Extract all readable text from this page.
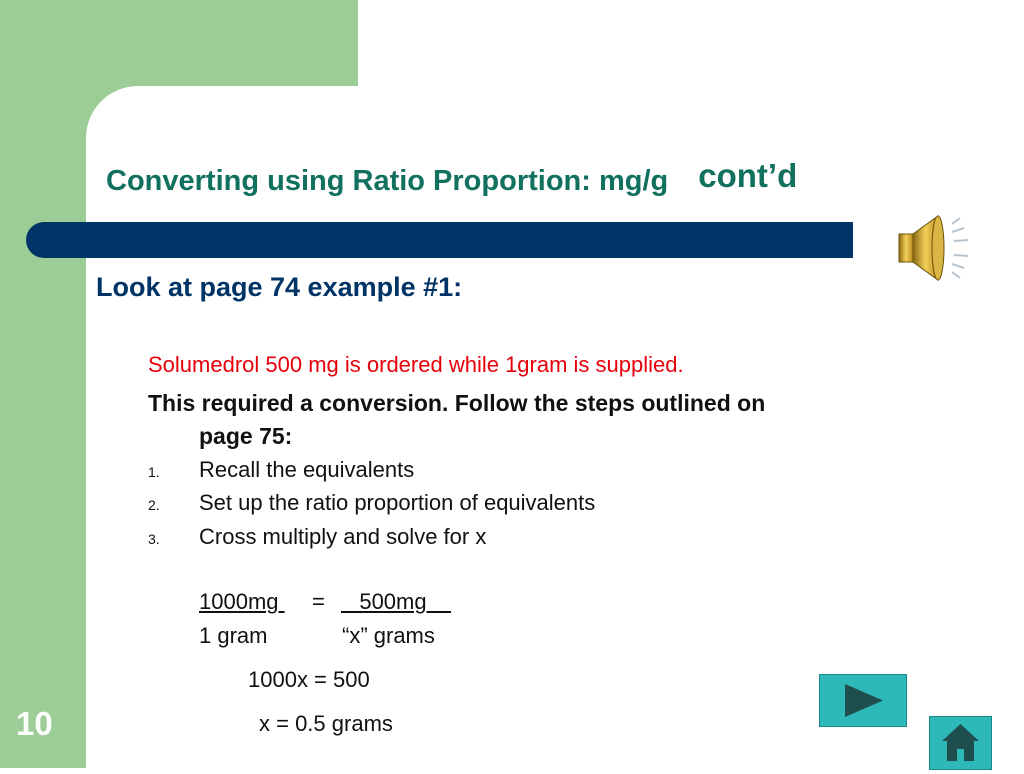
Converting using Ratio Proportion: mg/g cont’d
Look at page 74 example #1:
Solumedrol 500 mg is ordered while 1gram is supplied.
This required a conversion. Follow the steps outlined on
page 75:
1. Recall the equivalents
2. Set up the ratio proportion of equivalents
3. Cross multiply and solve for x
1000mg = 500mg
1 gram	“x” grams
1000x = 500
x = 0.5 grams
10
